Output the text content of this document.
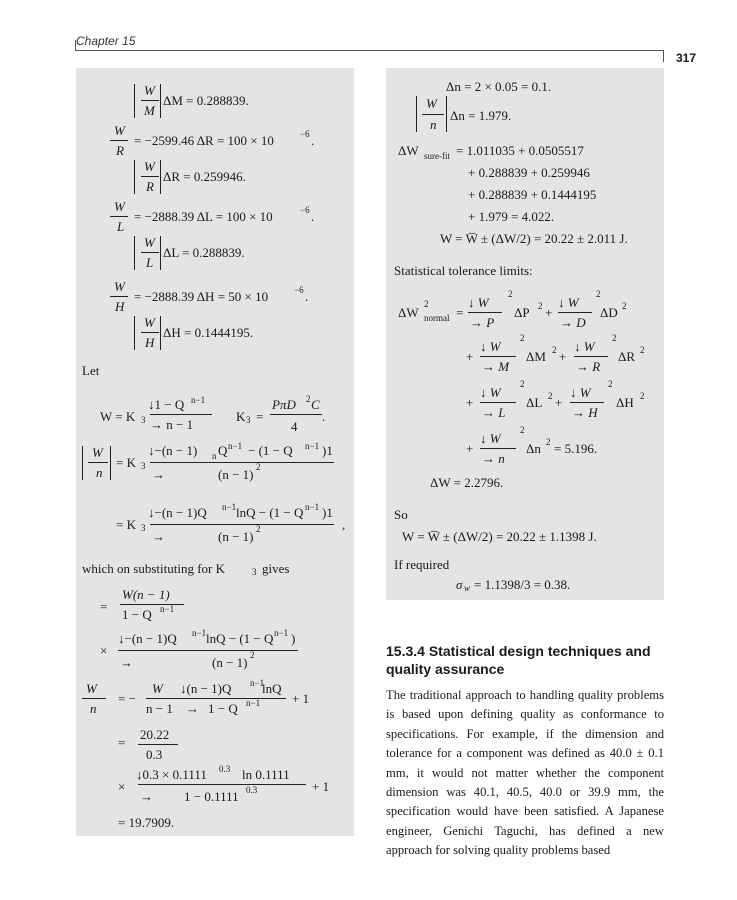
Chapter 15
317
W
M
ΔM = 0.288839.
W
R
= −2599.46 ΔR = 100 × 10	−6 .
W
R
ΔR = 0.259946.
W
L
= −2888.39 ΔL = 100 × 10	−6 .
W
L
ΔL = 0.288839.
W
H
= −2888.39 ΔH = 50 × 10	−6 .
W
H
ΔH = 0.1444195.
Let
W = K 3
↓1 − Q n−1
→ n − 1
K 3 =
PπD 2 C
4
.
W
n
= K 3
↓−(n − 1) n Q n−1 − (1 − Q n−1 )1
→	(n − 1) 2
= K 3
↓−(n − 1)Q n−1 lnQ − (1 − Q n−1 )1
→	(n − 1) 2	,
which on substituting for K	3 gives
=
W(n − 1)
1 − Q n−1
×
↓−(n − 1)Q n−1 lnQ − (1 − Q n−1 )
→	(n − 1) 2
W
n
= −
W
n − 1
↓(n − 1)Q n−1
lnQ
→ 1 − Q n−1 + 1
=
20.22
0.3
×
↓0.3 × 0.1111 0.3 ln 0.1111
→ 1 − 0.1111 0.3	+ 1
= 19.7909.
Δn = 2 × 0.05 = 0.1.
W
n
Δn = 1.979.
ΔW sure-fit = 1.011035 + 0.0505517
+ 0.288839 + 0.259946
+ 0.288839 + 0.1444195
+ 1.979 = 4.022.
W = W̅ ± (ΔW/2) = 20.22 ± 2.011 J.
Statistical tolerance limits:
ΔW
2
normal =
↓ W
2
→ P
ΔP 2 +
↓ W
2
→ D
ΔD 2
+
↓ W
2
→ M
ΔM 2 +
↓ W
2
→ R
ΔR 2
+
↓ W
2
→ L
ΔL 2 +
↓ W
2
→ H
ΔH 2
+
↓ W
2
→ n
Δn 2 = 5.196.
ΔW = 2.2796.
So
W = W̅ ± (ΔW/2) = 20.22 ± 1.1398 J.
If required
σ w = 1.1398/3 = 0.38.
15.3.4 Statistical design techniques and quality assurance

The traditional approach to handling quality problems is based upon defining quality as conformance to specifications. For example, if the dimension and tolerance for a component was defined as 40.0 ± 0.1 mm, it would not matter whether the component dimension was 40.1, 40.5, 40.0 or 39.9 mm, the specification would have been satisfied. A Japanese engineer, Genichi Taguchi, has defined a new approach for solving quality problems based
